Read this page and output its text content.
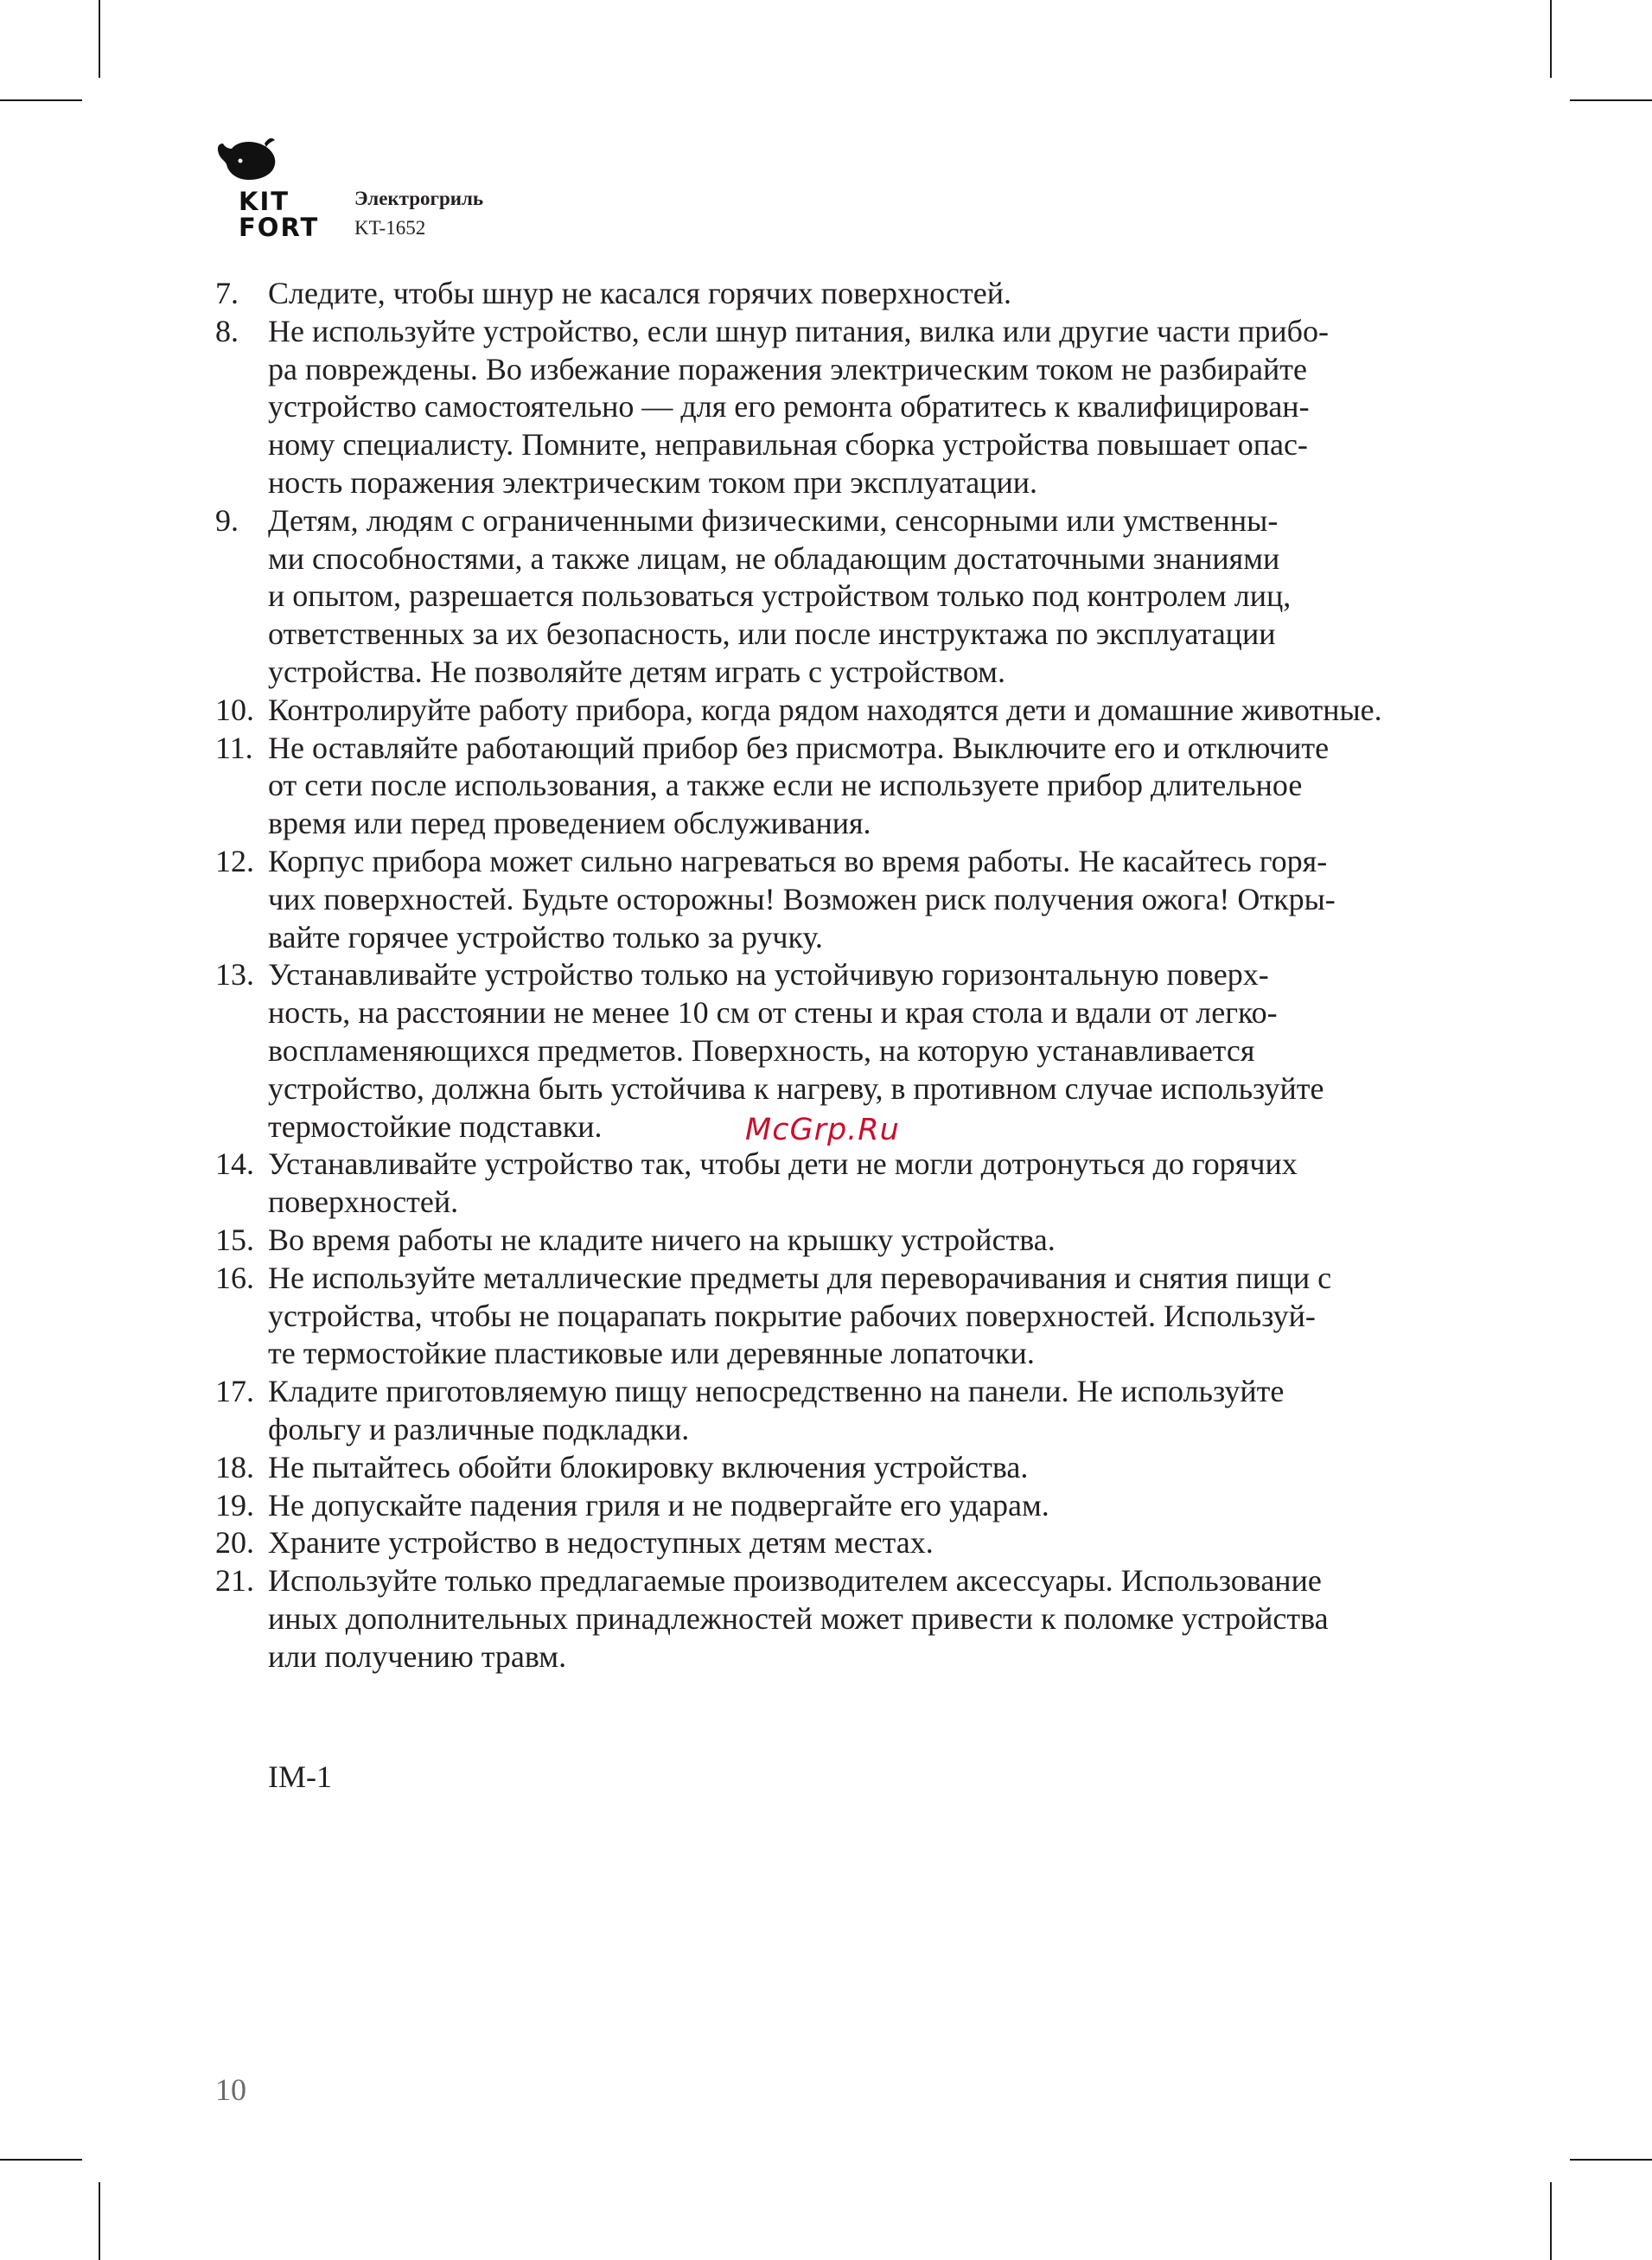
KIT
FORT
Электрогриль
KT-1652
7. Следите, чтобы шнур не касался горячих поверхностей.
8. Не используйте устройство, если шнур питания, вилка или другие части прибо-
ра повреждены. Во избежание поражения электрическим током не разбирайте
устройство самостоятельно — для его ремонта обратитесь к квалифицирован-
ному специалисту. Помните, неправильная сборка устройства повышает опас-
ность поражения электрическим током при эксплуатации.
9. Детям, людям с ограниченными физическими, сенсорными или умственны-
ми способностями, а также лицам, не обладающим достаточными знаниями
и опытом, разрешается пользоваться устройством только под контролем лиц,
ответственных за их безопасность, или после инструктажа по эксплуатации
устройства. Не позволяйте детям играть с устройством.
10. Контролируйте работу прибора, когда рядом находятся дети и домашние животные.
11. Не оставляйте работающий прибор без присмотра. Выключите его и отключите
от сети после использования, а также если не используете прибор длительное
время или перед проведением обслуживания.
12. Корпус прибора может сильно нагреваться во время работы. Не касайтесь горя-
чих поверхностей. Будьте осторожны! Возможен риск получения ожога! Откры-
вайте горячее устройство только за ручку.
13. Устанавливайте устройство только на устойчивую горизонтальную поверх-
ность, на расстоянии не менее 10 см от стены и края стола и вдали от легко-
воспламеняющихся предметов. Поверхность, на которую устанавливается
устройство, должна быть устойчива к нагреву, в противном случае используйте
термостойкие подставки.
14. Устанавливайте устройство так, чтобы дети не могли дотронуться до горячих
поверхностей.
15. Во время работы не кладите ничего на крышку устройства.
16. Не используйте металлические предметы для переворачивания и снятия пищи с
устройства, чтобы не поцарапать покрытие рабочих поверхностей. Используй-
те термостойкие пластиковые или деревянные лопаточки.
17. Кладите приготовляемую пищу непосредственно на панели. Не используйте
фольгу и различные подкладки.
18. Не пытайтесь обойти блокировку включения устройства.
19. Не допускайте падения гриля и не подвергайте его ударам.
20. Храните устройство в недоступных детям местах.
21. Используйте только предлагаемые производителем аксессуары. Использование
иных дополнительных принадлежностей может привести к поломке устройства
или получению травм.
McGrp.Ru
IM-1
10
